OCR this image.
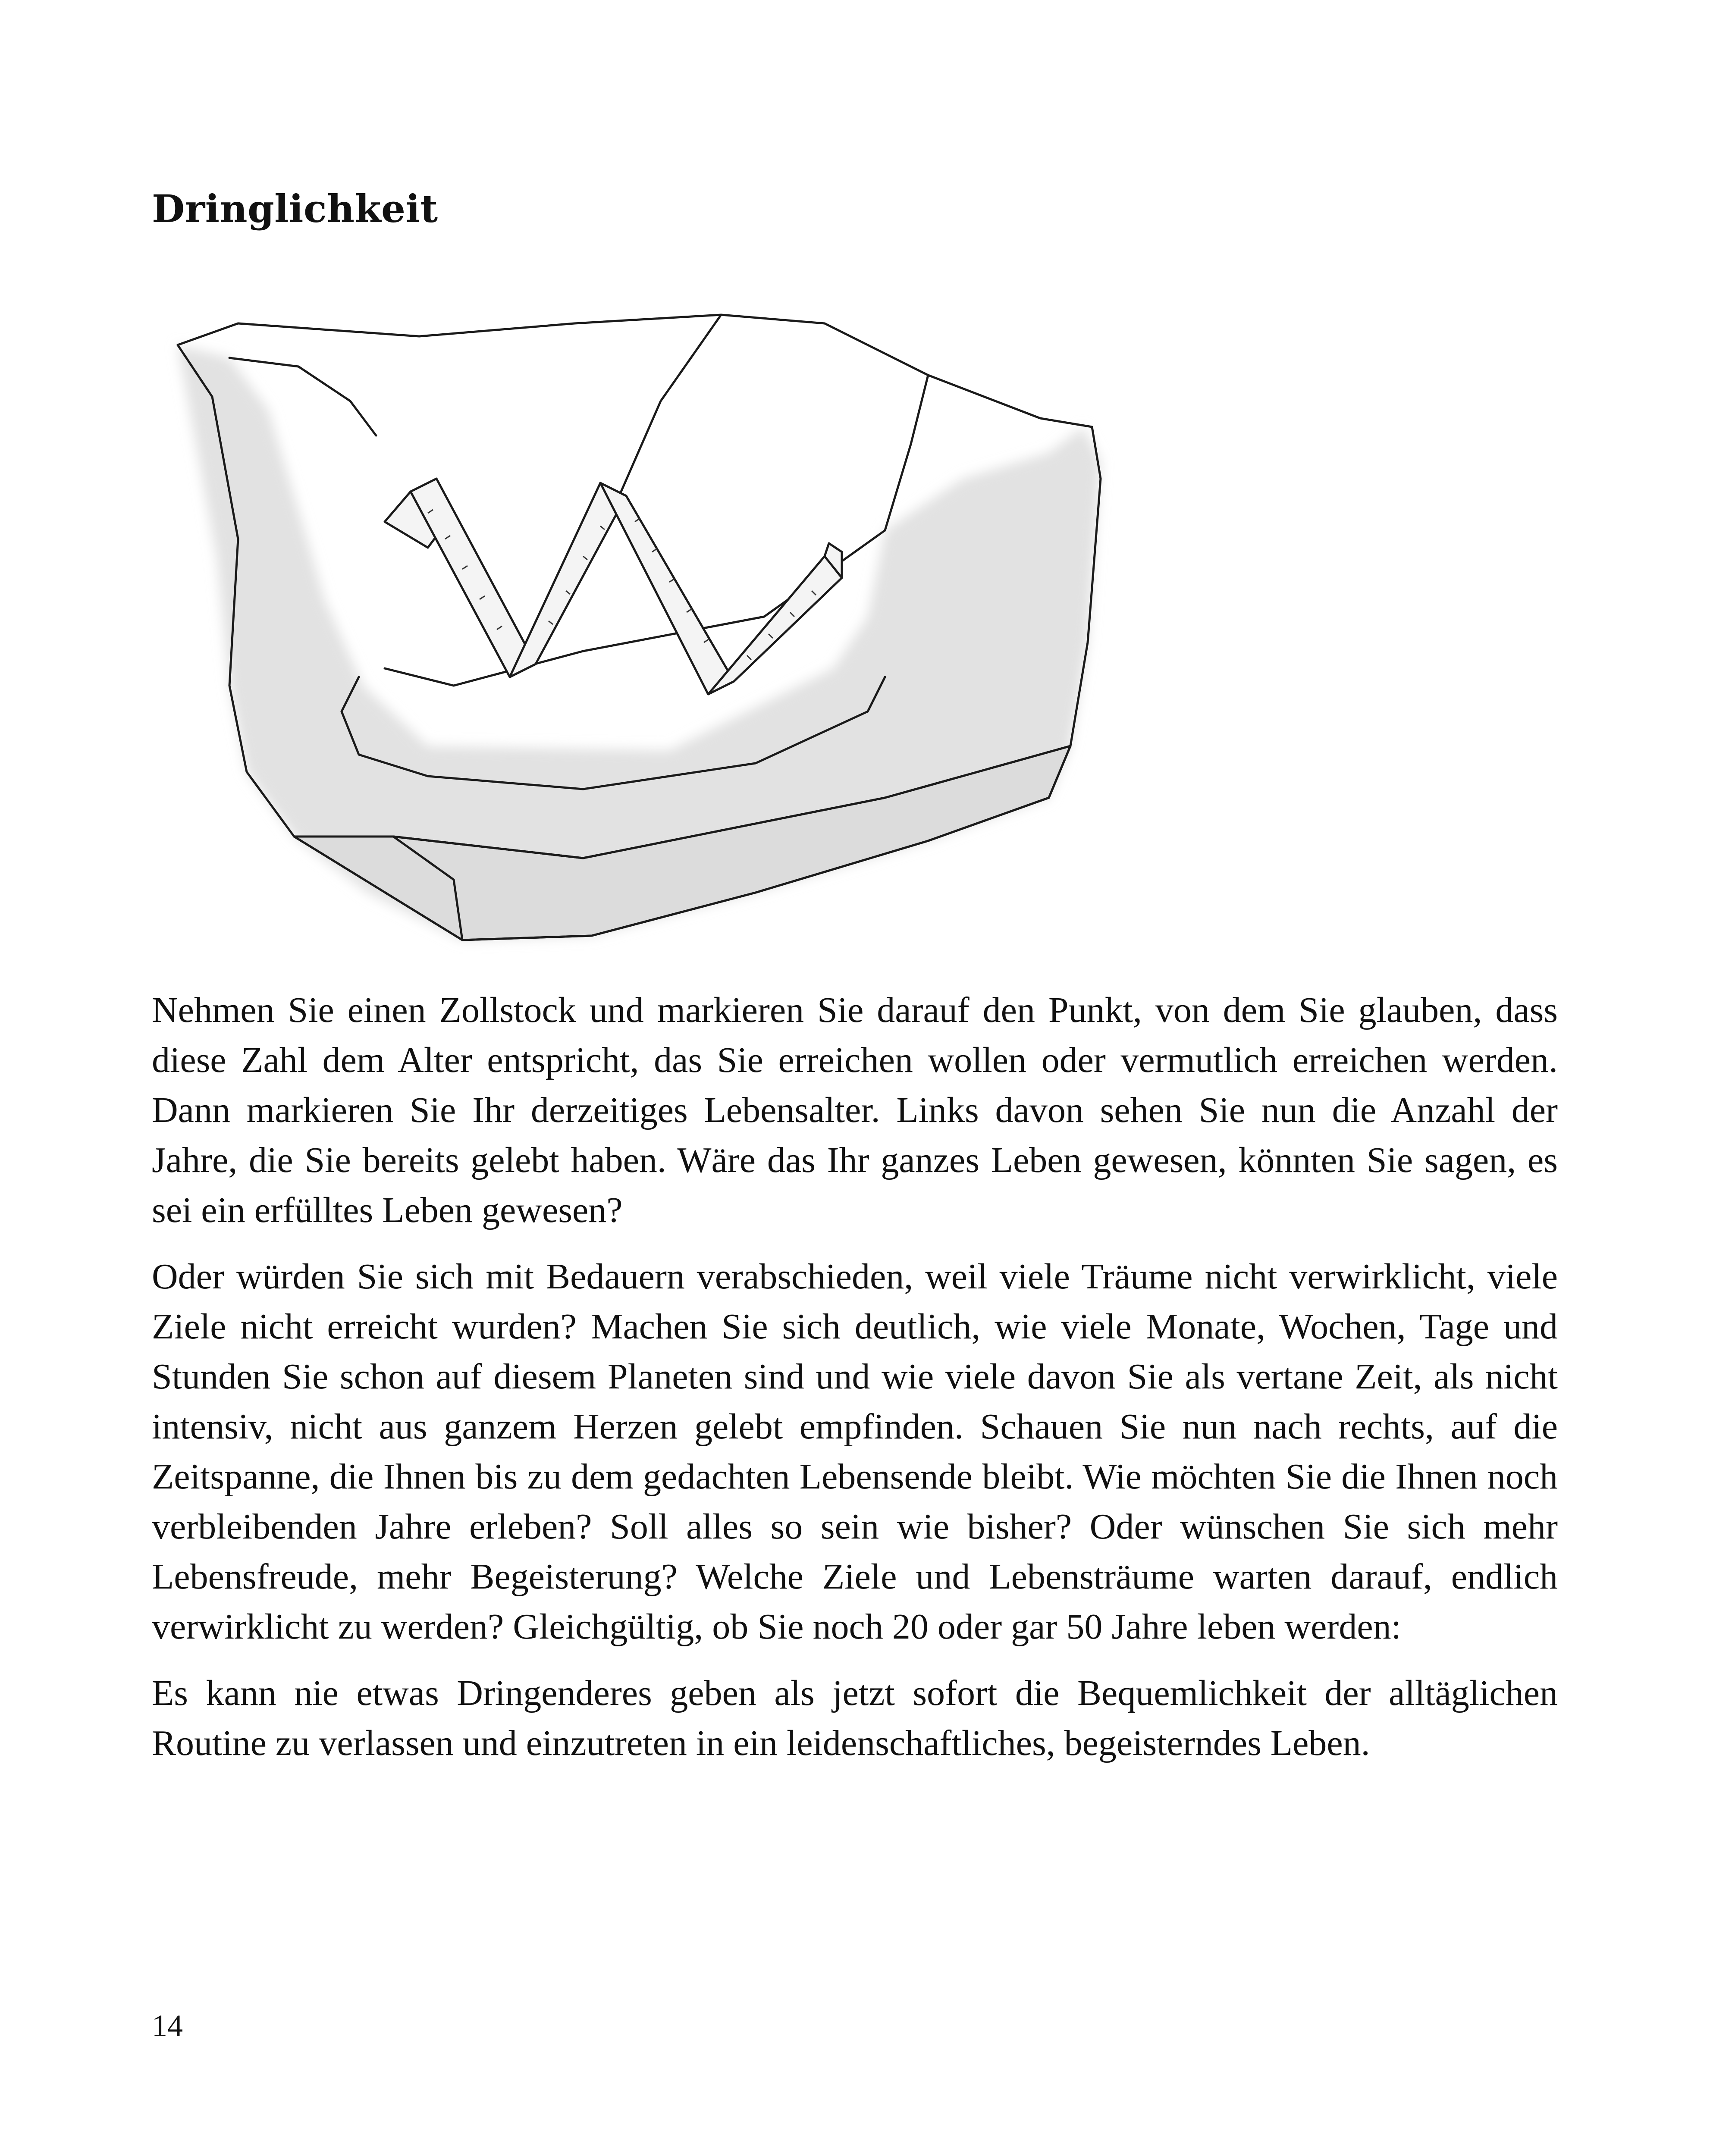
Dringlichkeit

Nehmen Sie einen Zollstock und markieren Sie darauf den Punkt, von dem Sie glauben, dass diese Zahl dem Alter entspricht, das Sie erreichen wollen oder vermutlich erreichen werden. Dann markieren Sie Ihr derzeitiges Lebensalter. Links davon sehen Sie nun die Anzahl der Jahre, die Sie bereits gelebt haben. Wäre das Ihr ganzes Leben gewesen, könnten Sie sagen, es sei ein erfülltes Leben gewesen?

Oder würden Sie sich mit Bedauern verabschieden, weil viele Träume nicht verwirklicht, viele Ziele nicht erreicht wurden? Machen Sie sich deutlich, wie viele Monate, Wochen, Tage und Stunden Sie schon auf diesem Planeten sind und wie viele davon Sie als vertane Zeit, als nicht intensiv, nicht aus ganzem Herzen gelebt empfinden. Schauen Sie nun nach rechts, auf die Zeitspanne, die Ihnen bis zu dem gedachten Lebensende bleibt. Wie möchten Sie die Ihnen noch verbleibenden Jahre erleben? Soll alles so sein wie bisher? Oder wünschen Sie sich mehr Lebensfreude, mehr Begeisterung? Welche Ziele und Lebensträume warten darauf, endlich verwirklicht zu werden? Gleichgültig, ob Sie noch 20 oder gar 50 Jahre leben werden:

Es kann nie etwas Dringenderes geben als jetzt sofort die Bequemlichkeit der alltäglichen Routine zu verlassen und einzutreten in ein leidenschaftliches, begeisterndes Leben.

14
